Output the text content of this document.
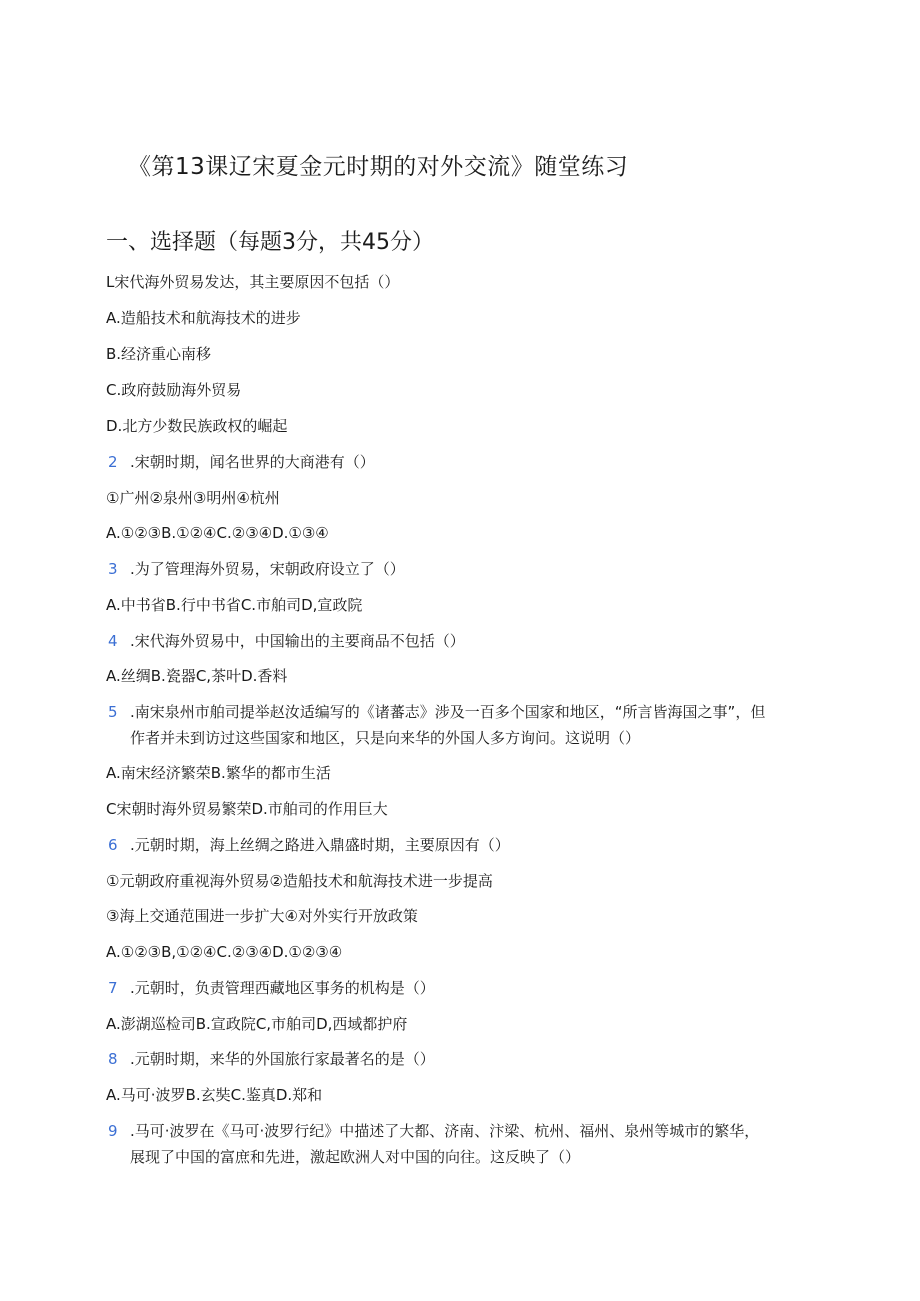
《第13课辽宋夏金元时期的对外交流》随堂练习
一、选择题（每题3分，共45分）
L宋代海外贸易发达，其主要原因不包括（）
A.造船技术和航海技术的进步
B.经济重心南移
C.政府鼓励海外贸易
D.北方少数民族政权的崛起
2 .宋朝时期，闻名世界的大商港有（）
①广州②泉州③明州④杭州
A.①②③B.①②④C.②③④D.①③④
3 .为了管理海外贸易，宋朝政府设立了（）
A.中书省B.行中书省C.市舶司D,宣政院
4 .宋代海外贸易中，中国输出的主要商品不包括（）
A.丝绸B.瓷器C,茶叶D.香料
5 .南宋泉州市舶司提举赵汝适编写的《诸蕃志》涉及一百多个国家和地区，“所言皆海国之事”，但
作者并未到访过这些国家和地区，只是向来华的外国人多方询问。这说明（）
A.南宋经济繁荣B.繁华的都市生活
C宋朝时海外贸易繁荣D.市舶司的作用巨大
6 .元朝时期，海上丝绸之路进入鼎盛时期，主要原因有（）
①元朝政府重视海外贸易②造船技术和航海技术进一步提高
③海上交通范围进一步扩大④对外实行开放政策
A.①②③B,①②④C.②③④D.①②③④
7 .元朝时，负责管理西藏地区事务的机构是（）
A.澎湖巡检司B.宣政院C,市舶司D,西域都护府
8 .元朝时期，来华的外国旅行家最著名的是（）
A.马可·波罗B.玄奘C.鉴真D.郑和
9 .马可·波罗在《马可·波罗行纪》中描述了大都、济南、汴梁、杭州、福州、泉州等城市的繁华，
展现了中国的富庶和先进，激起欧洲人对中国的向往。这反映了（）
